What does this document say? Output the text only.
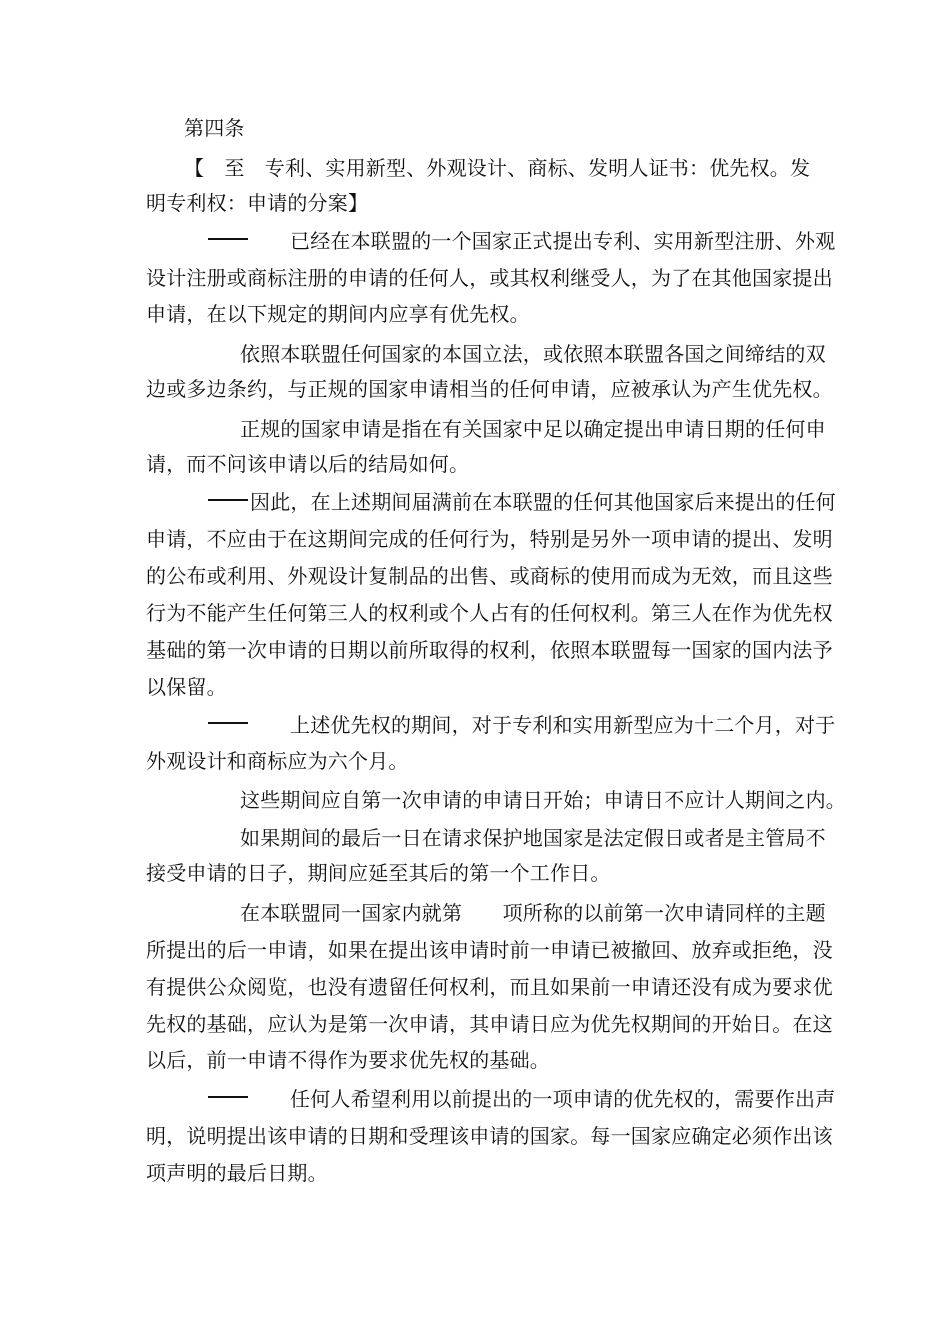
第四条
【　至　专利、实用新型、外观设计、商标、发明人证书：优先权。发
明专利权：申请的分案】
已经在本联盟的一个国家正式提出专利、实用新型注册、外观
设计注册或商标注册的申请的任何人，或其权利继受人，为了在其他国家提出
申请，在以下规定的期间内应享有优先权。
依照本联盟任何国家的本国立法，或依照本联盟各国之间缔结的双
边或多边条约，与正规的国家申请相当的任何申请，应被承认为产生优先权。
正规的国家申请是指在有关国家中足以确定提出申请日期的任何申
请，而不问该申请以后的结局如何。
因此，在上述期间届满前在本联盟的任何其他国家后来提出的任何
申请，不应由于在这期间完成的任何行为，特别是另外一项申请的提出、发明
的公布或利用、外观设计复制品的出售、或商标的使用而成为无效，而且这些
行为不能产生任何第三人的权利或个人占有的任何权利。第三人在作为优先权
基础的第一次申请的日期以前所取得的权利，依照本联盟每一国家的国内法予
以保留。
上述优先权的期间，对于专利和实用新型应为十二个月，对于
外观设计和商标应为六个月。
这些期间应自第一次申请的申请日开始；申请日不应计人期间之内。
如果期间的最后一日在请求保护地国家是法定假日或者是主管局不
接受申请的日子，期间应延至其后的第一个工作日。
在本联盟同一国家内就第　　项所称的以前第一次申请同样的主题
所提出的后一申请，如果在提出该申请时前一申请已被撤回、放弃或拒绝，没
有提供公众阅览，也没有遗留任何权利，而且如果前一申请还没有成为要求优
先权的基础，应认为是第一次申请，其申请日应为优先权期间的开始日。在这
以后，前一申请不得作为要求优先权的基础。
任何人希望利用以前提出的一项申请的优先权的，需要作出声
明，说明提出该申请的日期和受理该申请的国家。每一国家应确定必须作出该
项声明的最后日期。
